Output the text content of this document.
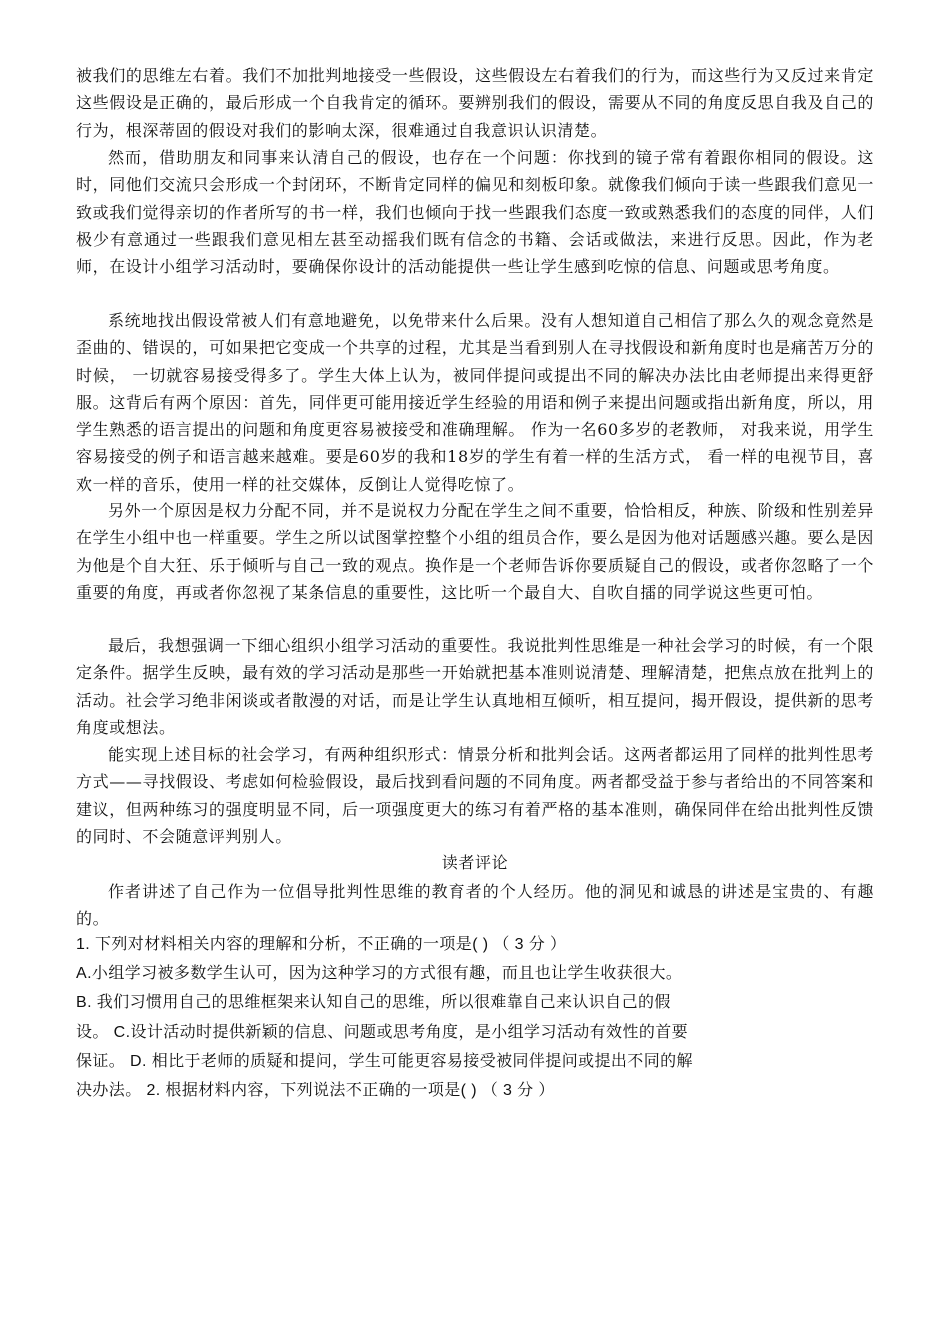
被我们的思维左右着。我们不加批判地接受一些假设，这些假设左右着我们的行为，而这些行为又反过来肯定这些假设是正确的，最后形成一个自我肯定的循环。要辨别我们的假设，需要从不同的角度反思自我及自己的行为，根深蒂固的假设对我们的影响太深，很难通过自我意识认识清楚。

然而，借助朋友和同事来认清自己的假设，也存在一个问题：你找到的镜子常有着跟你相同的假设。这时，同他们交流只会形成一个封闭环，不断肯定同样的偏见和刻板印象。就像我们倾向于读一些跟我们意见一致或我们觉得亲切的作者所写的书一样，我们也倾向于找一些跟我们态度一致或熟悉我们的态度的同伴，人们极少有意通过一些跟我们意见相左甚至动摇我们既有信念的书籍、会话或做法，来进行反思。因此，作为老师，在设计小组学习活动时，要确保你设计的活动能提供一些让学生感到吃惊的信息、问题或思考角度。

系统地找出假设常被人们有意地避免，以免带来什么后果。没有人想知道自己相信了那么久的观念竟然是歪曲的、错误的，可如果把它变成一个共享的过程，尤其是当看到别人在寻找假设和新角度时也是痛苦万分的时候， 一切就容易接受得多了。学生大体上认为，被同伴提问或提出不同的解决办法比由老师提出来得更舒服。这背后有两个原因：首先，同伴更可能用接近学生经验的用语和例子来提出问题或指出新角度，所以，用学生熟悉的语言提出的问题和角度更容易被接受和准确理解。 作为一名60多岁的老教师， 对我来说，用学生容易接受的例子和语言越来越难。要是60岁的我和18岁的学生有着一样的生活方式， 看一样的电视节目，喜欢一样的音乐，使用一样的社交媒体，反倒让人觉得吃惊了。

另外一个原因是权力分配不同，并不是说权力分配在学生之间不重要，恰恰相反，种族、阶级和性别差异在学生小组中也一样重要。学生之所以试图掌控整个小组的组员合作，要么是因为他对话题感兴趣。要么是因为他是个自大狂、乐于倾听与自己一致的观点。换作是一个老师告诉你要质疑自己的假设，或者你忽略了一个重要的角度，再或者你忽视了某条信息的重要性，这比听一个最自大、自吹自擂的同学说这些更可怕。

最后，我想强调一下细心组织小组学习活动的重要性。我说批判性思维是一种社会学习的时候，有一个限定条件。据学生反映，最有效的学习活动是那些一开始就把基本准则说清楚、理解清楚，把焦点放在批判上的活动。社会学习绝非闲谈或者散漫的对话，而是让学生认真地相互倾听，相互提问，揭开假设，提供新的思考角度或想法。

能实现上述目标的社会学习，有两种组织形式：情景分析和批判会话。这两者都运用了同样的批判性思考方式——寻找假设、考虑如何检验假设，最后找到看问题的不同角度。两者都受益于参与者给出的不同答案和建议，但两种练习的强度明显不同，后一项强度更大的练习有着严格的基本准则，确保同伴在给出批判性反馈的同时、不会随意评判别人。

读者评论

作者讲述了自己作为一位倡导批判性思维的教育者的个人经历。他的洞见和诚恳的讲述是宝贵的、有趣的。

1. 下列对材料相关内容的理解和分析，不正确的一项是( ) （ 3 分 ）

A.小组学习被多数学生认可，因为这种学习的方式很有趣，而且也让学生收获很大。

B. 我们习惯用自己的思维框架来认知自己的思维，所以很难靠自己来认识自己的假

设。 C.设计活动时提供新颖的信息、问题或思考角度，是小组学习活动有效性的首要

保证。 D. 相比于老师的质疑和提问，学生可能更容易接受被同伴提问或提出不同的解

决办法。 2. 根据材料内容，下列说法不正确的一项是( ) （ 3 分 ）
